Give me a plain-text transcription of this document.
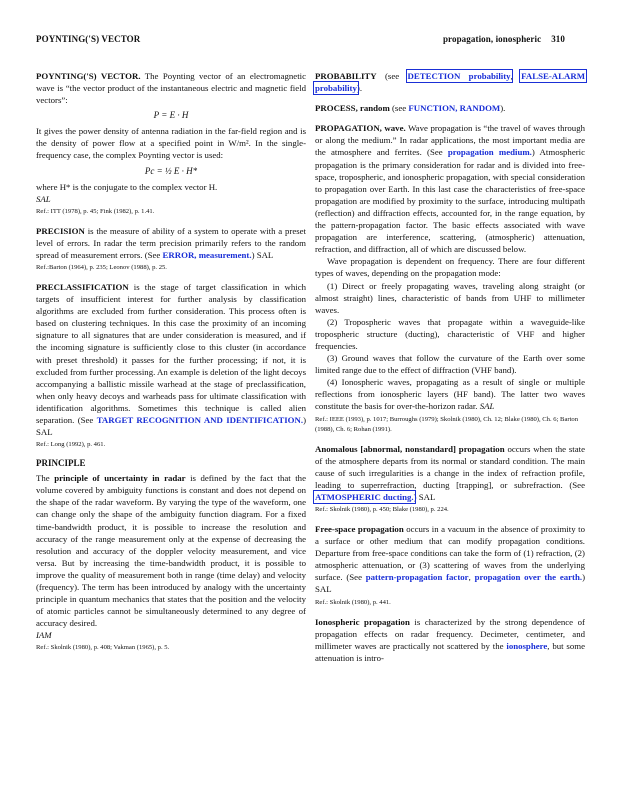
POYNTING('S) VECTOR	propagation, ionospheric 310

POYNTING('S) VECTOR. The Poynting vector of an electromagnetic wave is “the vector product of the instantaneous electric and magnetic field vectors”:

P = E · H

It gives the power density of antenna radiation in the far-field region and is the density of power flow at a specified point in W/m². In the single-frequency case, the complex Poynting vector is used:

Pc = ½ E · H*

where H* is the conjugate to the complex vector H.

SAL

Ref.: ITT (1978), p. 45; Fink (1982), p. 1.41.

PRECISION is the measure of ability of a system to operate with a preset level of errors. In radar the term precision primarily refers to the random spread of measurement errors. (See ERROR, measurement.) SAL

Ref.:Barton (1964), p. 235; Leonov (1988), p. 25.

PRECLASSIFICATION is the stage of target classification in which targets of insufficient interest for further analysis by classification algorithms are excluded from further consideration. This process often is based on clustering techniques. In this case the proximity of an incoming signature to all signatures that are under consideration is measured, and if the incoming signature is sufficiently close to this cluster (in accordance with preset threshold) it passes for the further processing; if not, it is excluded from further processing. An example is deletion of the light decoys accompanying a ballistic missile warhead at the stage of preclassification, when only heavy decoys and warheads pass for ultimate classification with identification algorithms. Sometimes this technique is called alien separation. (See TARGET RECOGNITION AND IDENTIFICATION.) SAL

Ref.: Long (1992), p. 461.

PRINCIPLE

The principle of uncertainty in radar is defined by the fact that the volume covered by ambiguity functions is constant and does not depend on the shape of the radar waveform. By varying the type of the waveform, one can change only the shape of the ambiguity function diagram. For a fixed time-bandwidth product, it is possible to increase the resolution and accuracy of the range measurement only at the expense of decreasing the resolution and accuracy of the doppler velocity measurement, and vice versa. But by increasing the time-bandwidth product, it is possible to improve the quality of measurement both in range (time delay) and velocity (frequency). The term has been introduced by analogy with the uncertainty principle in quantum mechanics that states that the position and the velocity of atomic particles cannot be simultaneously determined to any degree of accuracy desired.

IAM

Ref.: Skolnik (1980), p. 408; Vakman (1965), p. 5.

PROBABILITY (see DETECTION probability, FALSE-ALARM probability).

PROCESS, random (see FUNCTION, RANDOM).

PROPAGATION, wave. Wave propagation is “the travel of waves through or along the medium.” In radar applications, the most important media are the atmosphere and ferrites. (See propagation medium.) Atmospheric propagation is the primary consideration for radar and is divided into free-space, tropospheric, and ionospheric propagation, with special consideration to propagation over Earth. In this last case the characteristics of free-space propagation are modified by proximity to the surface, introducing multipath (reflection) and diffraction effects, accounted for, in the range equation, by the pattern-propagation factor. The basic effects associated with wave propagation are interference, scattering, (atmospheric) attenuation, refraction, and diffraction, all of which are discussed below.

Wave propagation is dependent on frequency. There are four different types of waves, depending on the propagation mode:

(1) Direct or freely propagating waves, traveling along straight (or almost straight) lines, characteristic of bands from UHF to millimeter waves.

(2) Tropospheric waves that propagate within a waveguide-like tropospheric structure (ducting), characteristic of VHF and higher frequencies.

(3) Ground waves that follow the curvature of the Earth over some limited range due to the effect of diffraction (VHF band).

(4) Ionospheric waves, propagating as a result of single or multiple reflections from ionospheric layers (HF band). The latter two waves constitute the basis for over-the-horizon radar. SAL

Ref.: IEEE (1993), p. 1017; Burroughs (1979); Skolnik (1980), Ch. 12; Blake (1980), Ch. 6; Barton (1988), Ch. 6; Rohan (1991).

Anomalous [abnormal, nonstandard] propagation occurs when the state of the atmosphere departs from its normal or standard condition. The main cause of such irregularities is a change in the index of refraction profile, leading to superrefraction, ducting [trapping], or subrefraction. (See ATMOSPHERIC ducting.) SAL

Ref.: Skolnik (1980), p. 450; Blake (1980), p. 224.

Free-space propagation occurs in a vacuum in the absence of proximity to a surface or other medium that can modify propagation conditions. Departure from free-space conditions can take the form of (1) refraction, (2) atmospheric attenuation, or (3) scattering of waves from the underlying surface. (See pattern-propagation factor, propagation over the earth.) SAL

Ref.: Skolnik (1980), p. 441.

Ionospheric propagation is characterized by the strong dependence of propagation effects on radar frequency. Decimeter, centimeter, and millimeter waves are practically not scattered by the ionosphere, but some attenuation is intro-
